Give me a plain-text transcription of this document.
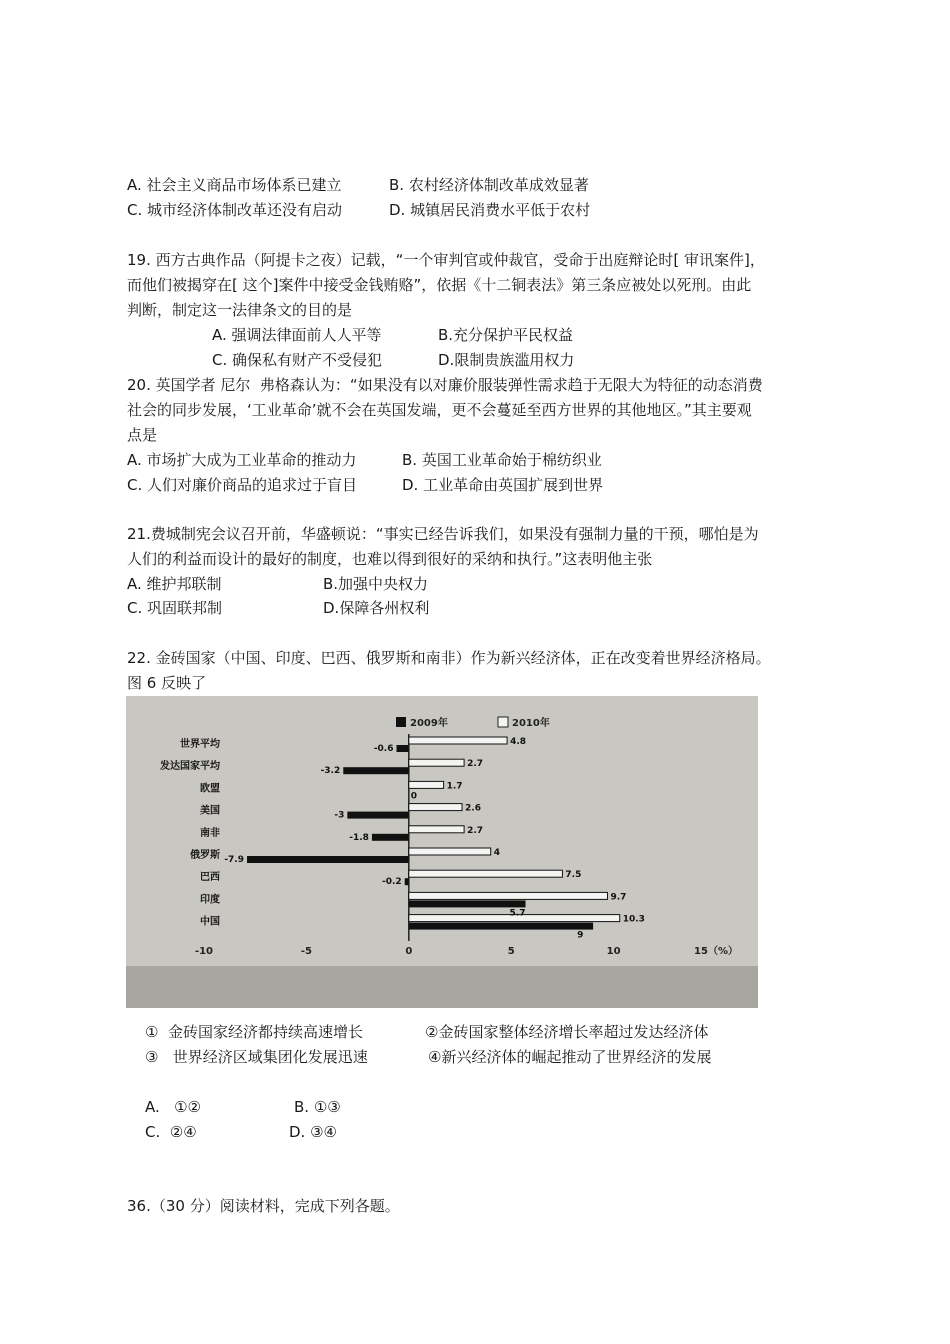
A. 社会主义商品市场体系已建立	B. 农村经济体制改革成效显著
C. 城市经济体制改革还没有启动	D. 城镇居民消费水平低于农村
19. 西方古典作品（阿提卡之夜）记载，“一个审判官或仲裁官，受命于出庭辩论时[ 审讯案件]，
而他们被揭穿在[ 这个]案件中接受金钱贿赂”，依据《十二铜表法》第三条应被处以死刑。由此
判断，制定这一法律条文的目的是
A. 强调法律面前人人平等	B.充分保护平民权益
C. 确保私有财产不受侵犯	D.限制贵族滥用权力
20. 英国学者 尼尔  弗格森认为：“如果没有以对廉价服装弹性需求趋于无限大为特征的动态消费
社会的同步发展，‘工业革命’就不会在英国发端，更不会蔓延至西方世界的其他地区。”其主要观
点是
A. 市场扩大成为工业革命的推动力	B. 英国工业革命始于棉纺织业
C. 人们对廉价商品的追求过于盲目	D. 工业革命由英国扩展到世界
21.费城制宪会议召开前，华盛顿说：“事实已经告诉我们，如果没有强制力量的干预，哪怕是为
人们的利益而设计的最好的制度，也难以得到很好的采纳和执行。”这表明他主张
A. 维护邦联制	B.加强中央权力
C. 巩固联邦制	D.保障各州权利
22. 金砖国家（中国、印度、巴西、俄罗斯和南非）作为新兴经济体，正在改变着世界经济格局。
图 6 反映了
-10	-5	0	5	10	15（%）
2009年	2010年
世界平均	4.8
-0.6
发达国家平均	2.7
-3.2
欧盟	1.7
0
美国	2.6
-3
南非	2.7
-1.8
俄罗斯	4
-7.9
巴西	7.5
-0.2
印度	9.7
5.7
中国	10.3
9
①  金砖国家经济都持续高速增长	②金砖国家整体经济增长率超过发达经济体
③   世界经济区域集团化发展迅速	④新兴经济体的崛起推动了世界经济的发展
A.   ①②	B. ①③
C.  ②④	D. ③④
36.（30 分）阅读材料，完成下列各题。
